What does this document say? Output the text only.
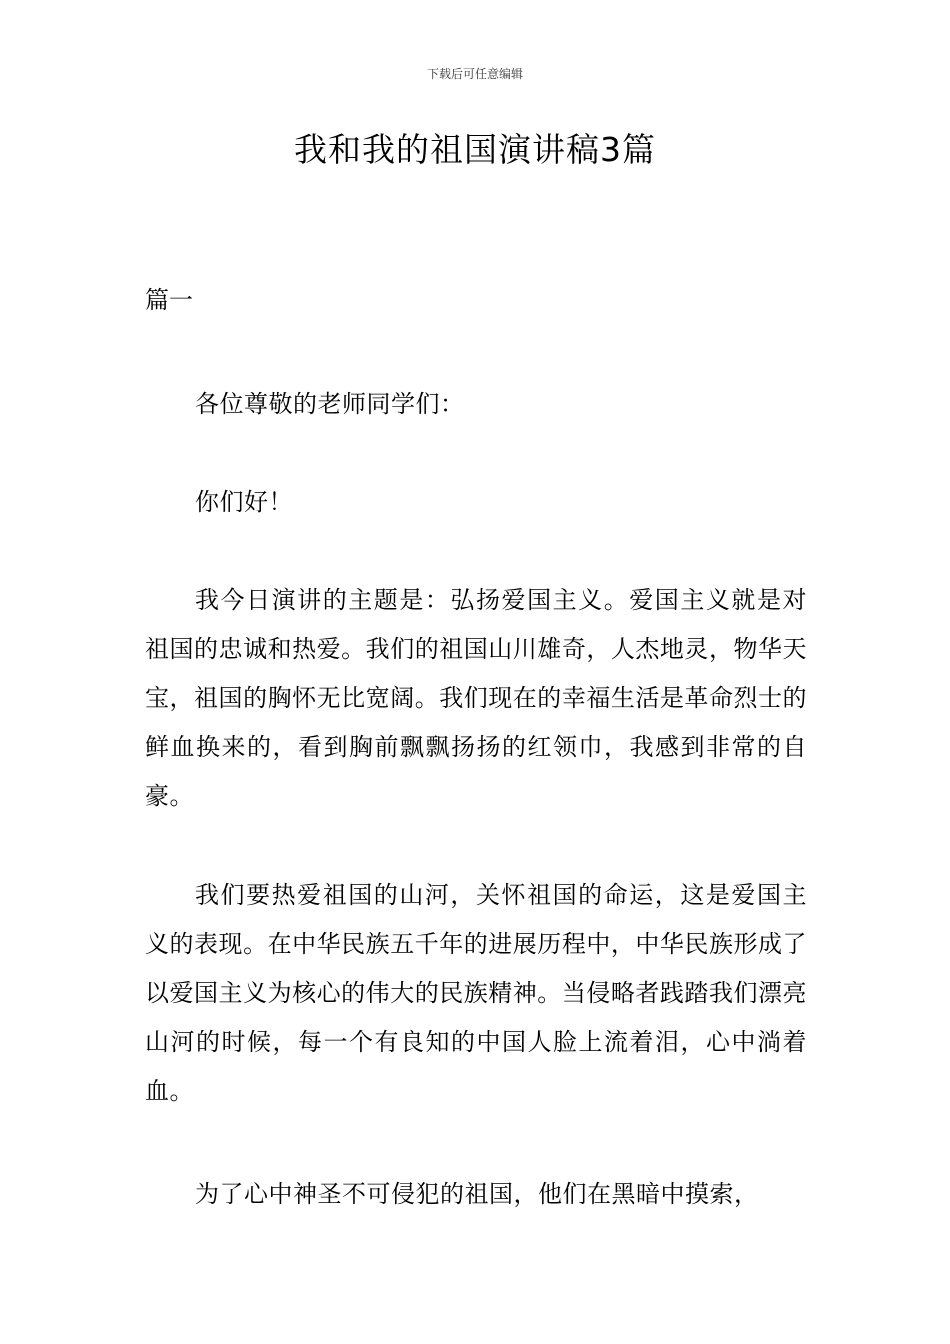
下载后可任意编辑
我和我的祖国演讲稿3篇

篇一

各位尊敬的老师同学们：

你们好！

我今日演讲的主题是：弘扬爱国主义。爱国主义就是对祖国的忠诚和热爱。我们的祖国山川雄奇，人杰地灵，物华天宝，祖国的胸怀无比宽阔。我们现在的幸福生活是革命烈士的鲜血换来的，看到胸前飘飘扬扬的红领巾，我感到非常的自豪。

我们要热爱祖国的山河，关怀祖国的命运，这是爱国主义的表现。在中华民族五千年的进展历程中，中华民族形成了以爱国主义为核心的伟大的民族精神。当侵略者践踏我们漂亮山河的时候，每一个有良知的中国人脸上流着泪，心中淌着血。

为了心中神圣不可侵犯的祖国，他们在黑暗中摸索，
